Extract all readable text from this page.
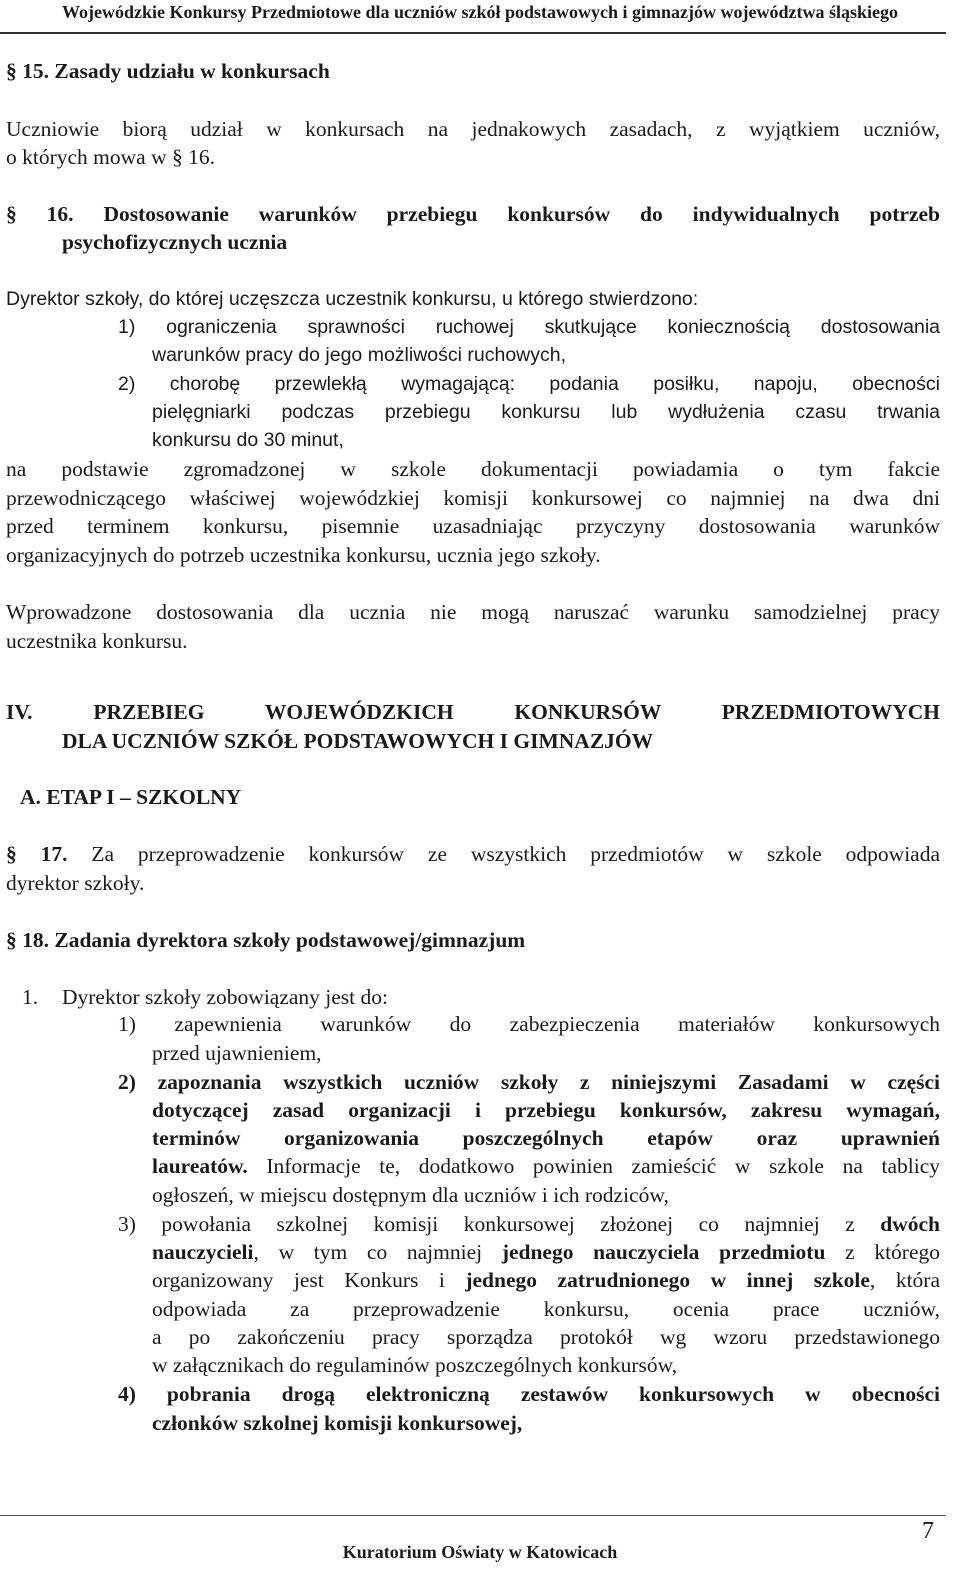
Wojewódzkie Konkursy Przedmiotowe dla uczniów szkół podstawowych i gimnazjów województwa śląskiego
§ 15. Zasady udziału w konkursach
Uczniowie biorą udział w konkursach na jednakowych zasadach, z wyjątkiem uczniów,
o których mowa w § 16.
§ 16. Dostosowanie warunków przebiegu konkursów do indywidualnych potrzeb
psychofizycznych ucznia
Dyrektor szkoły, do której uczęszcza uczestnik konkursu, u którego stwierdzono:
1) ograniczenia sprawności ruchowej skutkujące koniecznością dostosowania
warunków pracy do jego możliwości ruchowych,
2) chorobę przewlekłą wymagającą: podania posiłku, napoju, obecności
pielęgniarki podczas przebiegu konkursu lub wydłużenia czasu trwania
konkursu do 30 minut,
na podstawie zgromadzonej w szkole dokumentacji powiadamia o tym fakcie
przewodniczącego właściwej wojewódzkiej komisji konkursowej co najmniej na dwa dni
przed terminem konkursu, pisemnie uzasadniając przyczyny dostosowania warunków
organizacyjnych do potrzeb uczestnika konkursu, ucznia jego szkoły.
Wprowadzone dostosowania dla ucznia nie mogą naruszać warunku samodzielnej pracy
uczestnika konkursu.
IV. PRZEBIEG WOJEWÓDZKICH KONKURSÓW PRZEDMIOTOWYCH
DLA UCZNIÓW SZKÓŁ PODSTAWOWYCH I GIMNAZJÓW
A. ETAP I – SZKOLNY
§ 17. Za przeprowadzenie konkursów ze wszystkich przedmiotów w szkole odpowiada
dyrektor szkoły.
§ 18. Zadania dyrektora szkoły podstawowej/gimnazjum
1.	Dyrektor szkoły zobowiązany jest do:
1) zapewnienia warunków do zabezpieczenia materiałów konkursowych
przed ujawnieniem,
2) zapoznania wszystkich uczniów szkoły z niniejszymi Zasadami w części
dotyczącej zasad organizacji i przebiegu konkursów, zakresu wymagań,
terminów organizowania poszczególnych etapów oraz uprawnień
laureatów. Informacje te, dodatkowo powinien zamieścić w szkole na tablicy
ogłoszeń, w miejscu dostępnym dla uczniów i ich rodziców,
3) powołania szkolnej komisji konkursowej złożonej co najmniej z dwóch
nauczycieli, w tym co najmniej jednego nauczyciela przedmiotu z którego
organizowany jest Konkurs i jednego zatrudnionego w innej szkole, która
odpowiada za przeprowadzenie konkursu, ocenia prace uczniów,
a po zakończeniu pracy sporządza protokół wg wzoru przedstawionego
w załącznikach do regulaminów poszczególnych konkursów,
4) pobrania drogą elektroniczną zestawów konkursowych w obecności
członków szkolnej komisji konkursowej,
7
Kuratorium Oświaty w Katowicach
